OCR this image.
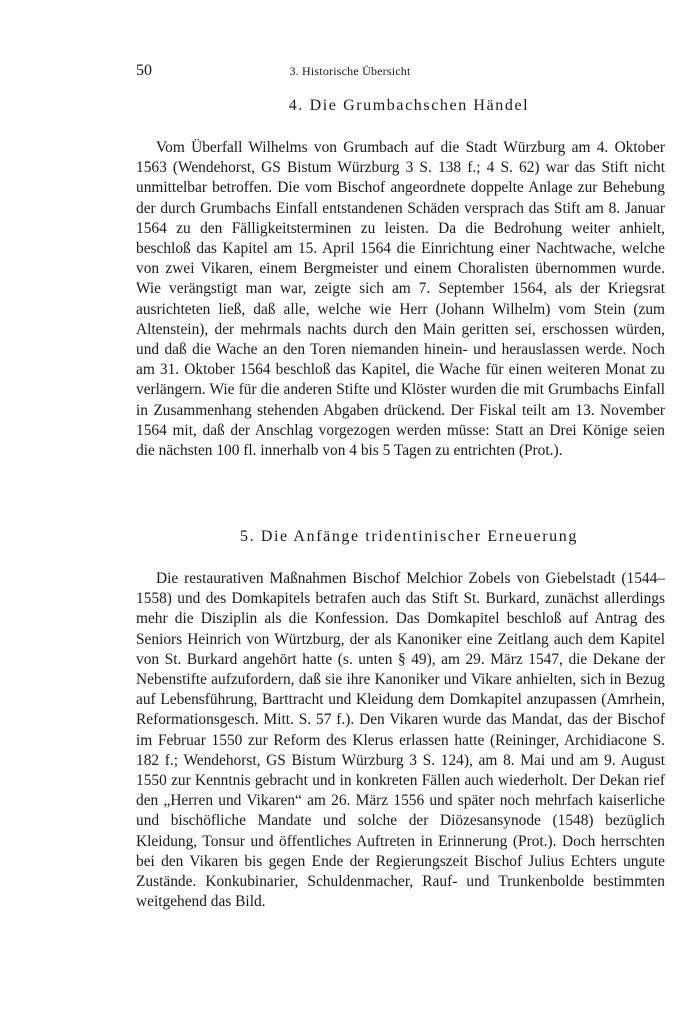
50	3. Historische Übersicht
4. Die Grumbachschen Händel

Vom Überfall Wilhelms von Grumbach auf die Stadt Würzburg am 4. Oktober 1563 (Wendehorst, GS Bistum Würzburg 3 S. 138 f.; 4 S. 62) war das Stift nicht unmittelbar betroffen. Die vom Bischof angeordnete doppelte Anlage zur Behebung der durch Grumbachs Einfall entstandenen Schäden versprach das Stift am 8. Januar 1564 zu den Fälligkeitsterminen zu leisten. Da die Bedrohung weiter anhielt, beschloß das Kapitel am 15. April 1564 die Einrichtung einer Nachtwache, welche von zwei Vikaren, einem Bergmeister und einem Choralisten übernommen wurde. Wie verängstigt man war, zeigte sich am 7. September 1564, als der Kriegsrat ausrichteten ließ, daß alle, welche wie Herr (Johann Wilhelm) vom Stein (zum Altenstein), der mehrmals nachts durch den Main geritten sei, erschossen würden, und daß die Wache an den Toren niemanden hinein- und herauslassen werde. Noch am 31. Oktober 1564 beschloß das Kapitel, die Wache für einen weiteren Monat zu verlängern. Wie für die anderen Stifte und Klöster wurden die mit Grumbachs Einfall in Zusammenhang stehenden Abgaben drückend. Der Fiskal teilt am 13. November 1564 mit, daß der Anschlag vorgezogen werden müsse: Statt an Drei Könige seien die nächsten 100 fl. innerhalb von 4 bis 5 Tagen zu entrichten (Prot.).

5. Die Anfänge tridentinischer Erneuerung

Die restaurativen Maßnahmen Bischof Melchior Zobels von Giebelstadt (1544–1558) und des Domkapitels betrafen auch das Stift St. Burkard, zunächst allerdings mehr die Disziplin als die Konfession. Das Domkapitel beschloß auf Antrag des Seniors Heinrich von Würtzburg, der als Kanoniker eine Zeitlang auch dem Kapitel von St. Burkard angehört hatte (s. unten § 49), am 29. März 1547, die Dekane der Nebenstifte aufzufordern, daß sie ihre Kanoniker und Vikare anhielten, sich in Bezug auf Lebensführung, Barttracht und Kleidung dem Domkapitel anzupassen (Amrhein, Reformationsgesch. Mitt. S. 57 f.). Den Vikaren wurde das Mandat, das der Bischof im Februar 1550 zur Reform des Klerus erlassen hatte (Reininger, Archidiacone S. 182 f.; Wendehorst, GS Bistum Würzburg 3 S. 124), am 8. Mai und am 9. August 1550 zur Kenntnis gebracht und in konkreten Fällen auch wiederholt. Der Dekan rief den „Herren und Vikaren“ am 26. März 1556 und später noch mehrfach kaiserliche und bischöfliche Mandate und solche der Diözesansynode (1548) bezüglich Kleidung, Tonsur und öffentliches Auftreten in Erinnerung (Prot.). Doch herrschten bei den Vikaren bis gegen Ende der Regierungszeit Bischof Julius Echters ungute Zustände. Konkubinarier, Schuldenmacher, Rauf- und Trunkenbolde bestimmten weitgehend das Bild.
